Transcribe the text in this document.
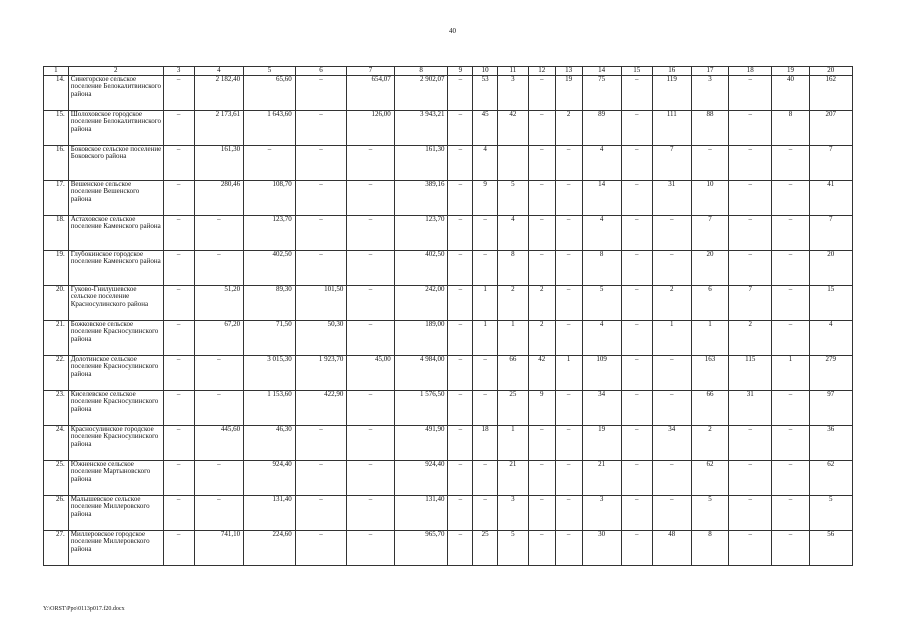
40
1	2	3	4	5	6	7	8	9	10	11	12	13	14	15	16	17	18	19	20
14.	Синегорское сельское поселение Белокалитвинского района	–	2 182,40	65,60	–	654,07	2 902,07	–	53	3	–	19	75	–	119	3	–	40	162
15.	Шолоховское городское поселение Белокалитвинского района	–	2 173,61	1 643,60	–	126,00	3 943,21	–	45	42	–	2	89	–	111	88	–	8	207
16.	Боковское сельское поселение Боковского района	–	161,30	–	–	–	161,30	–	4		–	–	4	–	7	–	–	–	7
17.	Вешенское сельское поселение Вешенского района	–	280,46	108,70	–	–	389,16	–	9	5	–	–	14	–	31	10	–	–	41
18.	Астаховское сельское поселение Каменского района	–	–	123,70	–	–	123,70	–	–	4	–	–	4	–	–	7	–	–	7
19.	Глубокинское городское поселение Каменского района	–	–	402,50	–	–	402,50	–	–	8	–	–	8	–	–	20	–	–	20
20.	Гуково-Гнилушевское сельское поселение Красносулинского района	–	51,20	89,30	101,50	–	242,00	–	1	2	2	–	5	–	2	6	7	–	15
21.	Божковское сельское поселение Красносулинского района	–	67,20	71,50	50,30	–	189,00	–	1	1	2	–	4	–	1	1	2	–	4
22.	Долотинское сельское поселение Красносулинского района	–	–	3 015,30	1 923,70	45,00	4 984,00	–	–	66	42	1	109	–	–	163	115	1	279
23.	Киселевское сельское поселение Красносулинского района	–	–	1 153,60	422,90	–	1 576,50	–	–	25	9	–	34	–	–	66	31	–	97
24.	Красносулинское городское поселение Красносулинского района	–	445,60	46,30	–	–	491,90	–	18	1	–	–	19	–	34	2	–	–	36
25.	Южненское сельское поселение Мартыновского района	–	–	924,40	–	–	924,40	–	–	21	–	–	21	–	–	62	–	–	62
26.	Малышевское сельское поселение Миллеровского района	–	–	131,40	–	–	131,40	–	–	3	–	–	3	–	–	5	–	–	5
27.	Миллеровское городское поселение Миллеровского района	–	741,10	224,60	–	–	965,70	–	25	5	–	–	30	–	48	8	–	–	56
Y:\ORST\Ppo\0113p017.f20.docx
